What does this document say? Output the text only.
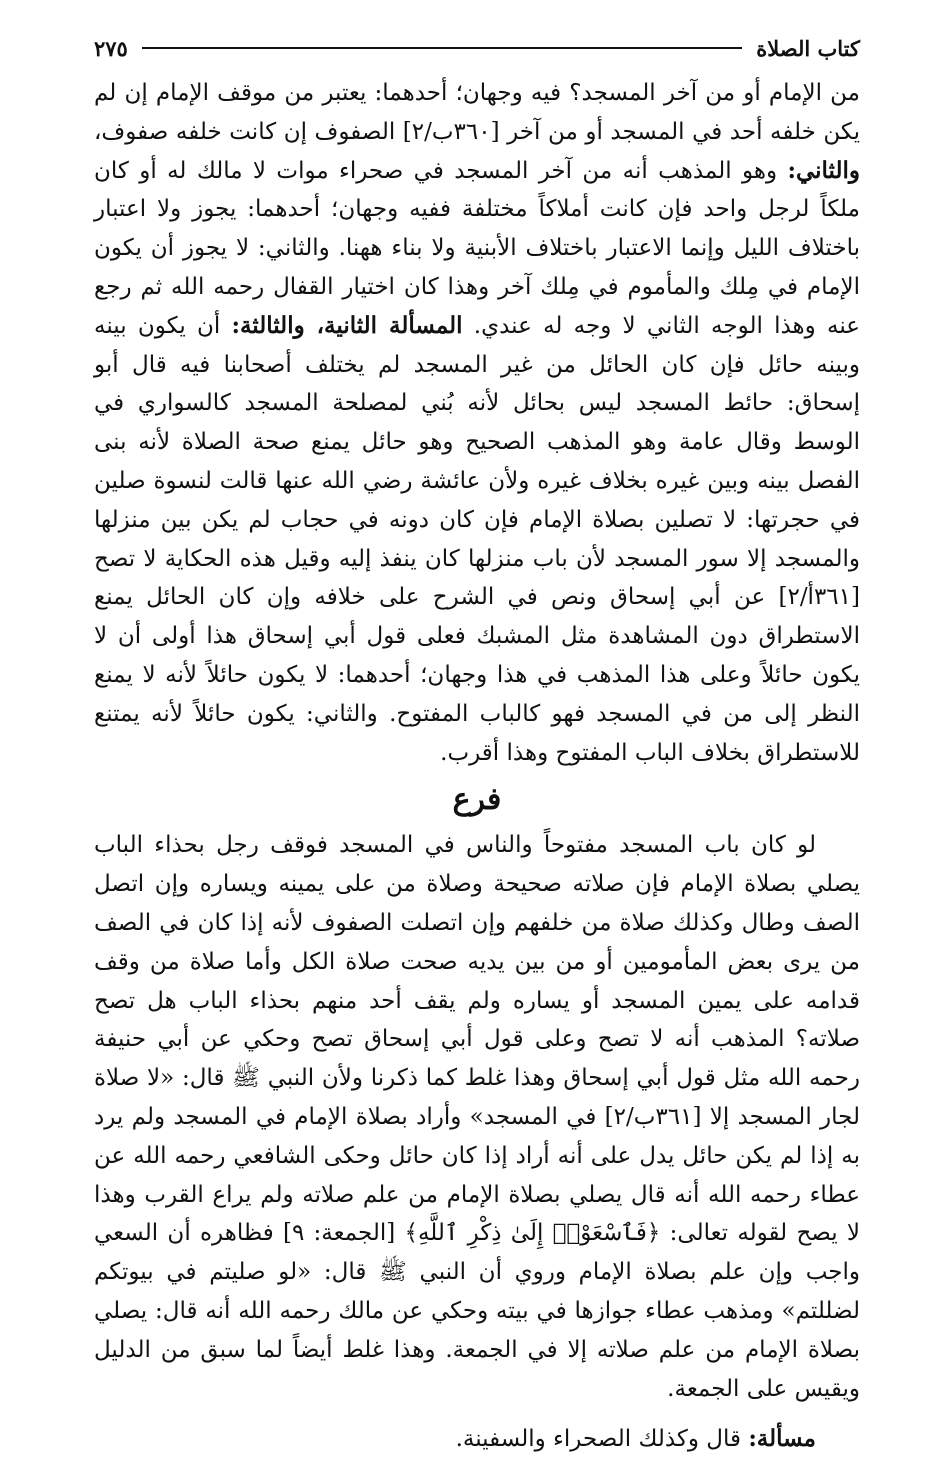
كتاب الصلاة
٢٧٥

من الإمام أو من آخر المسجد؟ فيه وجهان؛ أحدهما: يعتبر من موقف الإمام إن لم يكن خلفه أحد في المسجد أو من آخر [٣٦٠ب/٢] الصفوف إن كانت خلفه صفوف، والثاني: وهو المذهب أنه من آخر المسجد في صحراء موات لا مالك له أو كان ملكاً لرجل واحد فإن كانت أملاكاً مختلفة ففيه وجهان؛ أحدهما: يجوز ولا اعتبار باختلاف الليل وإنما الاعتبار باختلاف الأبنية ولا بناء ههنا. والثاني: لا يجوز أن يكون الإمام في مِلك والمأموم في مِلك آخر وهذا كان اختيار القفال رحمه الله ثم رجع عنه وهذا الوجه الثاني لا وجه له عندي. المسألة الثانية، والثالثة: أن يكون بينه وبينه حائل فإن كان الحائل من غير المسجد لم يختلف أصحابنا فيه قال أبو إسحاق: حائط المسجد ليس بحائل لأنه بُني لمصلحة المسجد كالسواري في الوسط وقال عامة وهو المذهب الصحيح وهو حائل يمنع صحة الصلاة لأنه بنى الفصل بينه وبين غيره بخلاف غيره ولأن عائشة رضي الله عنها قالت لنسوة صلين في حجرتها: لا تصلين بصلاة الإمام فإن كان دونه في حجاب لم يكن بين منزلها والمسجد إلا سور المسجد لأن باب منزلها كان ينفذ إليه وقيل هذه الحكاية لا تصح [٣٦١أ/٢] عن أبي إسحاق ونص في الشرح على خلافه وإن كان الحائل يمنع الاستطراق دون المشاهدة مثل المشبك فعلى قول أبي إسحاق هذا أولى أن لا يكون حائلاً وعلى هذا المذهب في هذا وجهان؛ أحدهما: لا يكون حائلاً لأنه لا يمنع النظر إلى من في المسجد فهو كالباب المفتوح. والثاني: يكون حائلاً لأنه يمتنع للاستطراق بخلاف الباب المفتوح وهذا أقرب.

فرع

لو كان باب المسجد مفتوحاً والناس في المسجد فوقف رجل بحذاء الباب يصلي بصلاة الإمام فإن صلاته صحيحة وصلاة من على يمينه ويساره وإن اتصل الصف وطال وكذلك صلاة من خلفهم وإن اتصلت الصفوف لأنه إذا كان في الصف من يرى بعض المأمومين أو من بين يديه صحت صلاة الكل وأما صلاة من وقف قدامه على يمين المسجد أو يساره ولم يقف أحد منهم بحذاء الباب هل تصح صلاته؟ المذهب أنه لا تصح وعلى قول أبي إسحاق تصح وحكي عن أبي حنيفة رحمه الله مثل قول أبي إسحاق وهذا غلط كما ذكرنا ولأن النبي ﷺ قال: «لا صلاة لجار المسجد إلا [٣٦١ب/٢] في المسجد» وأراد بصلاة الإمام في المسجد ولم يرد به إذا لم يكن حائل يدل على أنه أراد إذا كان حائل وحكى الشافعي رحمه الله عن عطاء رحمه الله أنه قال يصلي بصلاة الإمام من علم صلاته ولم يراع القرب وهذا لا يصح لقوله تعالى: ﴿فَٱسْعَوْا۟ إِلَىٰ ذِكْرِ ٱللَّهِ﴾ [الجمعة: ٩] فظاهره أن السعي واجب وإن علم بصلاة الإمام وروي أن النبي ﷺ قال: «لو صليتم في بيوتكم لضللتم» ومذهب عطاء جوازها في بيته وحكي عن مالك رحمه الله أنه قال: يصلي بصلاة الإمام من علم صلاته إلا في الجمعة. وهذا غلط أيضاً لما سبق من الدليل ويقيس على الجمعة.

مسألة: قال وكذلك الصحراء والسفينة.
